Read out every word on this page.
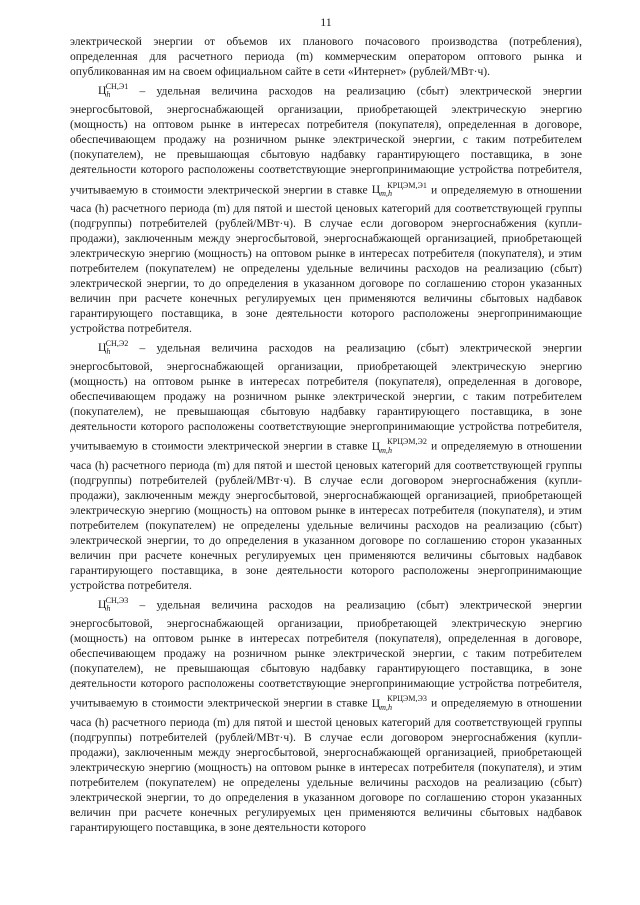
11

электрической энергии от объемов их планового почасового производства (потребления), определенная для расчетного периода (m) коммерческим оператором оптового рынка и опубликованная им на своем официальном сайте в сети «Интернет» (рублей/МВт·ч).

$Ц_h^{СН,Э1}$ – удельная величина расходов на реализацию (сбыт) электрической энергии энергосбытовой, энергоснабжающей организации, приобретающей электрическую энергию (мощность) на оптовом рынке в интересах потребителя (покупателя), определенная в договоре, обеспечивающем продажу на розничном рынке электрической энергии, с таким потребителем (покупателем), не превышающая сбытовую надбавку гарантирующего поставщика, в зоне деятельности которого расположены соответствующие энергопринимающие устройства потребителя, учитываемую в стоимости электрической энергии в ставке $Ц_{m,h}^{КРЦЭМ,Э1}$ и определяемую в отношении часа (h) расчетного периода (m) для пятой и шестой ценовых категорий для соответствующей группы (подгруппы) потребителей (рублей/МВт·ч). В случае если договором энергоснабжения (купли-продажи), заключенным между энергосбытовой, энергоснабжающей организацией, приобретающей электрическую энергию (мощность) на оптовом рынке в интересах потребителя (покупателя), и этим потребителем (покупателем) не определены удельные величины расходов на реализацию (сбыт) электрической энергии, то до определения в указанном договоре по соглашению сторон указанных величин при расчете конечных регулируемых цен применяются величины сбытовых надбавок гарантирующего поставщика, в зоне деятельности которого расположены энергопринимающие устройства потребителя.

$Ц_h^{СН,Э2}$ – удельная величина расходов на реализацию (сбыт) электрической энергии энергосбытовой, энергоснабжающей организации, приобретающей электрическую энергию (мощность) на оптовом рынке в интересах потребителя (покупателя), определенная в договоре, обеспечивающем продажу на розничном рынке электрической энергии, с таким потребителем (покупателем), не превышающая сбытовую надбавку гарантирующего поставщика, в зоне деятельности которого расположены соответствующие энергопринимающие устройства потребителя, учитываемую в стоимости электрической энергии в ставке $Ц_{m,h}^{КРЦЭМ,Э2}$ и определяемую в отношении часа (h) расчетного периода (m) для пятой и шестой ценовых категорий для соответствующей группы (подгруппы) потребителей (рублей/МВт·ч). В случае если договором энергоснабжения (купли-продажи), заключенным между энергосбытовой, энергоснабжающей организацией, приобретающей электрическую энергию (мощность) на оптовом рынке в интересах потребителя (покупателя), и этим потребителем (покупателем) не определены удельные величины расходов на реализацию (сбыт) электрической энергии, то до определения в указанном договоре по соглашению сторон указанных величин при расчете конечных регулируемых цен применяются величины сбытовых надбавок гарантирующего поставщика, в зоне деятельности которого расположены энергопринимающие устройства потребителя.

$Ц_h^{СН,Э3}$ – удельная величина расходов на реализацию (сбыт) электрической энергии энергосбытовой, энергоснабжающей организации, приобретающей электрическую энергию (мощность) на оптовом рынке в интересах потребителя (покупателя), определенная в договоре, обеспечивающем продажу на розничном рынке электрической энергии, с таким потребителем (покупателем), не превышающая сбытовую надбавку гарантирующего поставщика, в зоне деятельности которого расположены соответствующие энергопринимающие устройства потребителя, учитываемую в стоимости электрической энергии в ставке $Ц_{m,h}^{КРЦЭМ,Э3}$ и определяемую в отношении часа (h) расчетного периода (m) для пятой и шестой ценовых категорий для соответствующей группы (подгруппы) потребителей (рублей/МВт·ч). В случае если договором энергоснабжения (купли-продажи), заключенным между энергосбытовой, энергоснабжающей организацией, приобретающей электрическую энергию (мощность) на оптовом рынке в интересах потребителя (покупателя), и этим потребителем (покупателем) не определены удельные величины расходов на реализацию (сбыт) электрической энергии, то до определения в указанном договоре по соглашению сторон указанных величин при расчете конечных регулируемых цен применяются величины сбытовых надбавок гарантирующего поставщика, в зоне деятельности которого
